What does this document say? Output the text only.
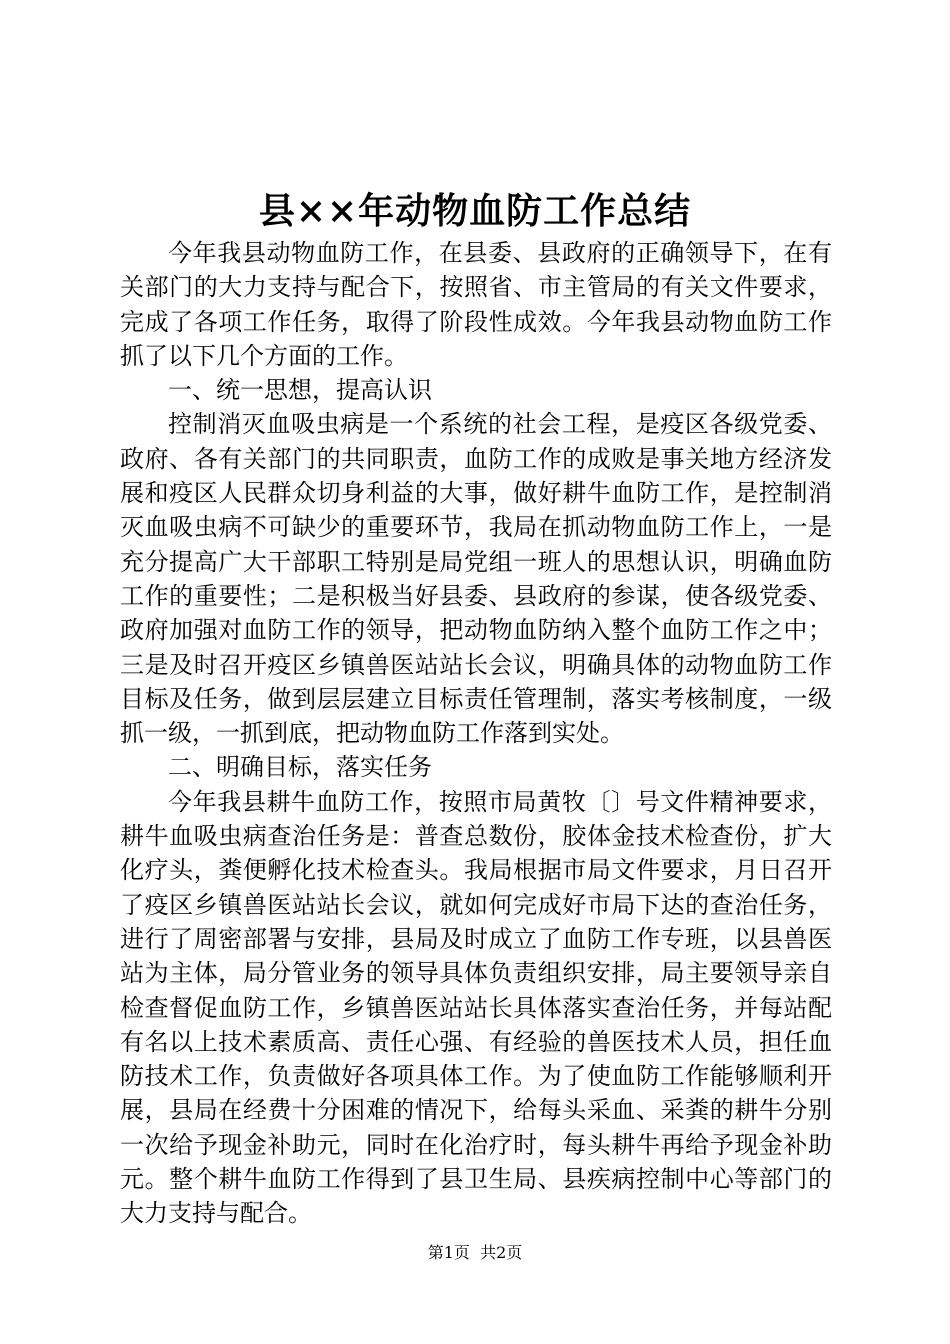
县××年动物血防工作总结

今年我县动物血防工作，在县委、县政府的正确领导下，在有关部门的大力支持与配合下，按照省、市主管局的有关文件要求，完成了各项工作任务，取得了阶段性成效。今年我县动物血防工作抓了以下几个方面的工作。

一、统一思想，提高认识

控制消灭血吸虫病是一个系统的社会工程，是疫区各级党委、政府、各有关部门的共同职责，血防工作的成败是事关地方经济发展和疫区人民群众切身利益的大事，做好耕牛血防工作，是控制消灭血吸虫病不可缺少的重要环节，我局在抓动物血防工作上，一是充分提高广大干部职工特别是局党组一班人的思想认识，明确血防工作的重要性；二是积极当好县委、县政府的参谋，使各级党委、政府加强对血防工作的领导，把动物血防纳入整个血防工作之中；三是及时召开疫区乡镇兽医站站长会议，明确具体的动物血防工作目标及任务，做到层层建立目标责任管理制，落实考核制度，一级抓一级，一抓到底，把动物血防工作落到实处。

二、明确目标，落实任务

今年我县耕牛血防工作，按照市局黄牧〔〕号文件精神要求，耕牛血吸虫病查治任务是：普查总数份，胶体金技术检查份，扩大化疗头，粪便孵化技术检查头。我局根据市局文件要求，月日召开了疫区乡镇兽医站站长会议，就如何完成好市局下达的查治任务，进行了周密部署与安排，县局及时成立了血防工作专班，以县兽医站为主体，局分管业务的领导具体负责组织安排，局主要领导亲自检查督促血防工作，乡镇兽医站站长具体落实查治任务，并每站配有名以上技术素质高、责任心强、有经验的兽医技术人员，担任血防技术工作，负责做好各项具体工作。为了使血防工作能够顺利开展，县局在经费十分困难的情况下，给每头采血、采粪的耕牛分别一次给予现金补助元，同时在化治疗时，每头耕牛再给予现金补助元。整个耕牛血防工作得到了县卫生局、县疾病控制中心等部门的大力支持与配合。

第1页 共2页
